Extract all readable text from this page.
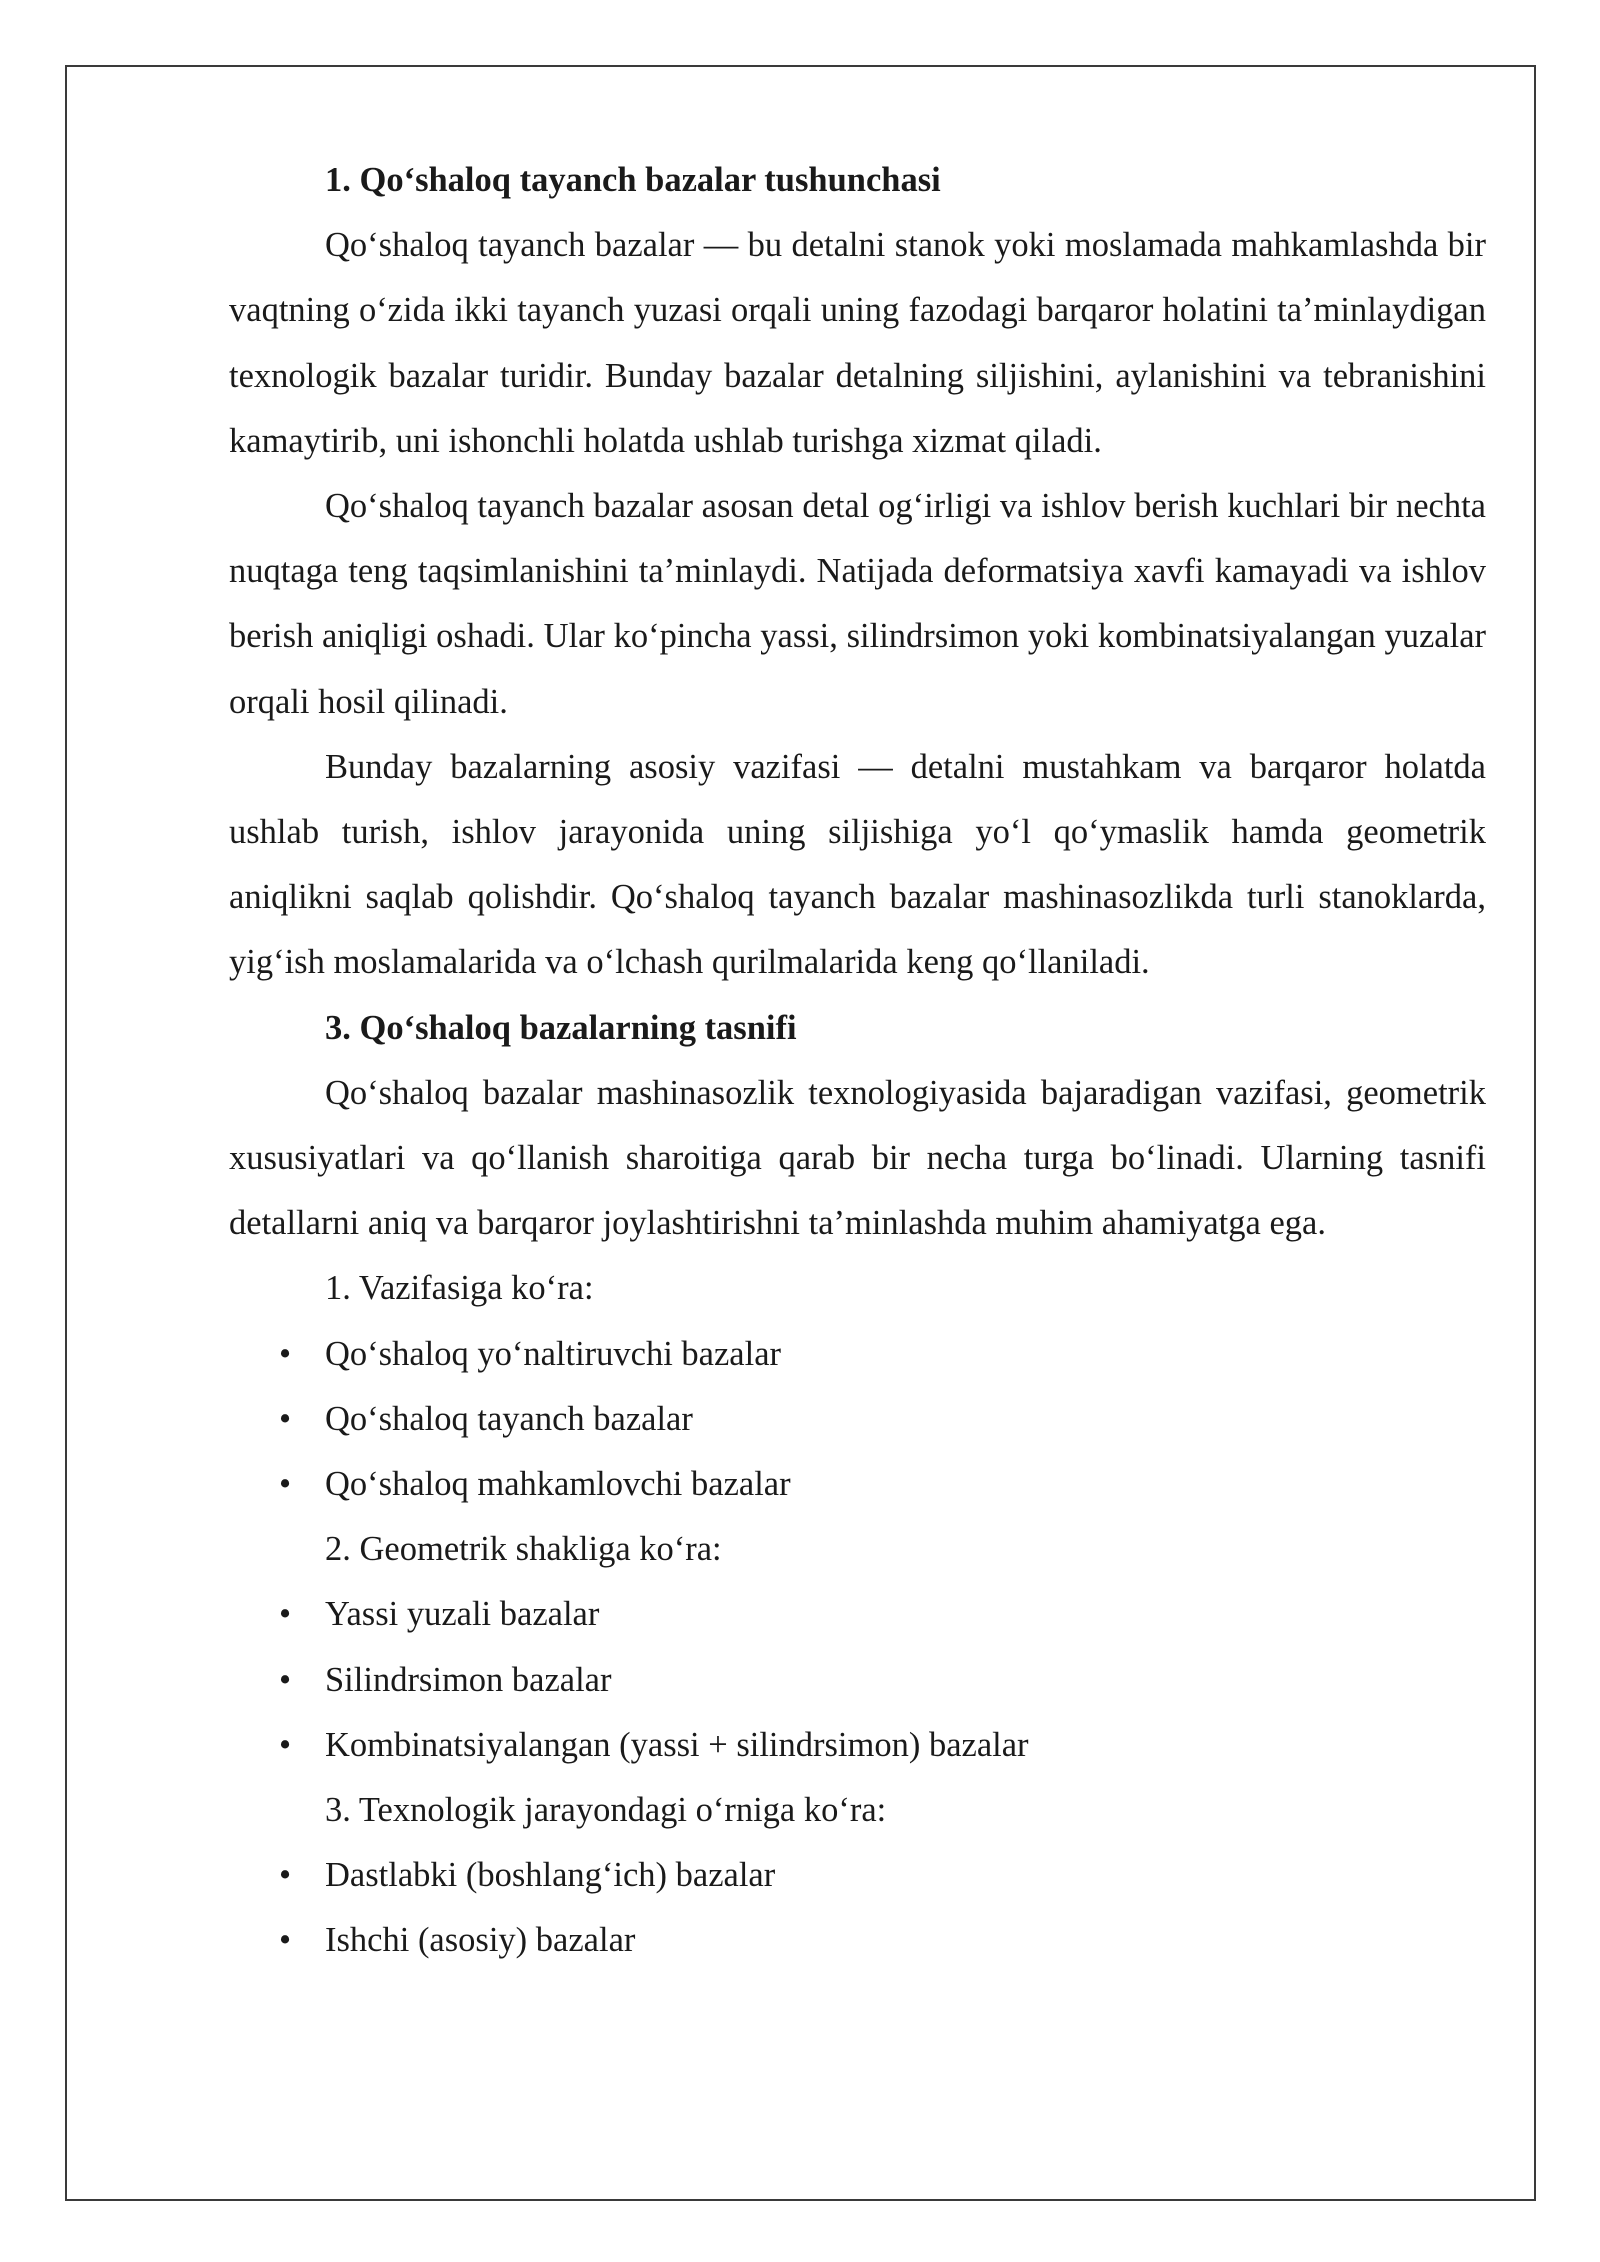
1. Qo‘shaloq tayanch bazalar tushunchasi

Qo‘shaloq tayanch bazalar — bu detalni stanok yoki moslamada mahkamlashda bir vaqtning o‘zida ikki tayanch yuzasi orqali uning fazodagi barqaror holatini ta’minlaydigan texnologik bazalar turidir. Bunday bazalar detalning siljishini, aylanishini va tebranishini kamaytirib, uni ishonchli holatda ushlab turishga xizmat qiladi.

Qo‘shaloq tayanch bazalar asosan detal og‘irligi va ishlov berish kuchlari bir nechta nuqtaga teng taqsimlanishini ta’minlaydi. Natijada deformatsiya xavfi kamayadi va ishlov berish aniqligi oshadi. Ular ko‘pincha yassi, silindrsimon yoki kombinatsiyalangan yuzalar orqali hosil qilinadi.

Bunday bazalarning asosiy vazifasi — detalni mustahkam va barqaror holatda ushlab turish, ishlov jarayonida uning siljishiga yo‘l qo‘ymaslik hamda geometrik aniqlikni saqlab qolishdir. Qo‘shaloq tayanch bazalar mashinasozlikda turli stanoklarda, yig‘ish moslamalarida va o‘lchash qurilmalarida keng qo‘llaniladi.

3. Qo‘shaloq bazalarning tasnifi

Qo‘shaloq bazalar mashinasozlik texnologiyasida bajaradigan vazifasi, geometrik xususiyatlari va qo‘llanish sharoitiga qarab bir necha turga bo‘linadi. Ularning tasnifi detallarni aniq va barqaror joylashtirishni ta’minlashda muhim ahamiyatga ega.

1. Vazifasiga ko‘ra:

• Qo‘shaloq yo‘naltiruvchi bazalar
• Qo‘shaloq tayanch bazalar
• Qo‘shaloq mahkamlovchi bazalar

2. Geometrik shakliga ko‘ra:

• Yassi yuzali bazalar
• Silindrsimon bazalar
• Kombinatsiyalangan (yassi + silindrsimon) bazalar

3. Texnologik jarayondagi o‘rniga ko‘ra:

• Dastlabki (boshlang‘ich) bazalar
• Ishchi (asosiy) bazalar
